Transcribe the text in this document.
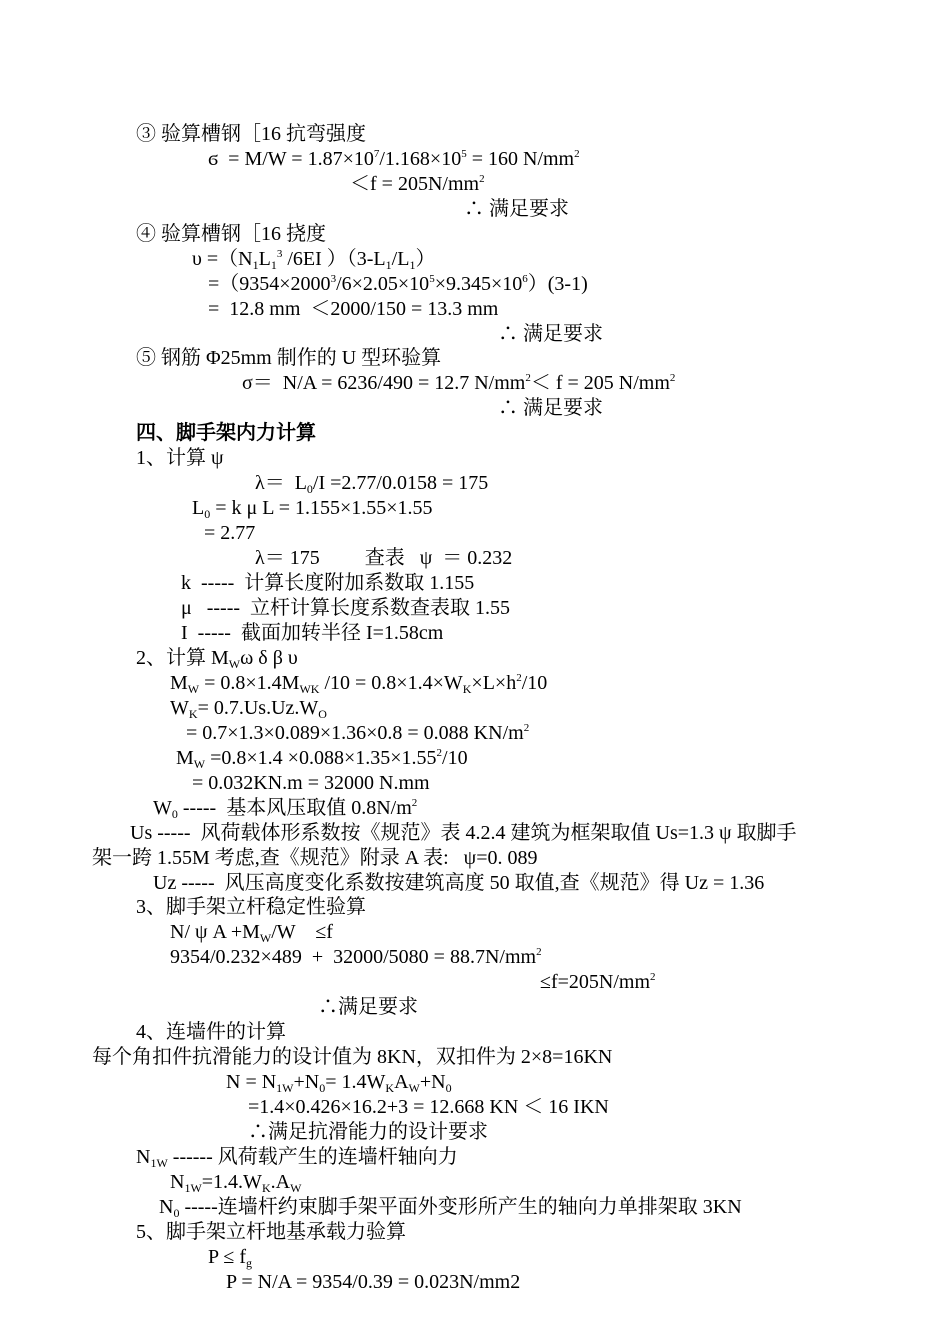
③ 验算槽钢［16 抗弯强度
$ϭ = M/W = 1.87\times 10^7/1.168\times 10^5 = 160$ $N/mm^2$
$<f = 205N/mm^2$
∴ 满足要求
④ 验算槽钢［16 挠度
$\upsilon =(N_1L_1^3$ /6EI ）$(3-L_1/L_1)$
$=(9354\times 2000^3/6\times 2.05\times 10^5\times 9.345\times 10^6)(3-1)$
=  12.8 mm  ＜2000/150 = 13.3 mm
∴ 满足要求
⑤ 钢筋 Φ25mm 制作的 U 型环验算
σ＝  N/A = 6236/490 = 12.7 $N/mm^2< f = 205$ $N/mm^2$
∴ 满足要求
四、脚手架内力计算
1、计算 ψ
$\lambda= L_0/I =2.77/0.0158 = 175$
$L_0 = k$ μ L = 1.155×1.55×1.55
= 2.77
λ＝ 175         查表   ψ  ＝ 0.232
k  -----  计算长度附加系数取 1.155
μ   -----  立杆计算长度系数查表取 1.55
I  -----  截面加转半径 I=1.58cm
2、计算 $M_W\omega$ δ β υ
$M_W = 0.8\times 1.4M_{WK}$ $/10 = 0.8\times 1.4\times W_K\times L\times h^2/10$
$W_K= 0.7.Us.Uz.W_O$
= 0.7×1.3×0.089×1.36×0.8 = 0.088 $KN/m^2$
$M_W =0.8\times 1.4 \times 0.088\times 1.35\times 1.55^2/10$
= 0.032KN.m = 32000 N.mm
$W_0$ -----  基本风压取值 $0.8N/m^2$
Us -----  风荷载体形系数按《规范》表 4.2.4 建筑为框架取值 Us=1.3 ψ 取脚手
架一跨 1.55M 考虑,查《规范》附录 A 表:   ψ=0. 089
Uz -----  风压高度变化系数按建筑高度 50 取值,查《规范》得 Uz = 1.36
3、脚手架立杆稳定性验算
N/ ψ $A +M_W/W$    ≤f
$9354/0.232\times 489 + 32000/5080 = 88.7N/mm^2$
$\le f=205N/mm^2$
∴满足要求
4、连墙件的计算
每个角扣件抗滑能力的设计值为 8KN，双扣件为 2×8=16KN
$N = N_{1W}+N_0= 1.4W_KA_W+N_0$
=1.4×0.426×16.2+3 = 12.668 KN ＜ 16 IKN
∴满足抗滑能力的设计要求
$N_{1W}$ ------ 风荷载产生的连墙杆轴向力
$N_{1W}=1.4.W_K.A_W$
$N_0$ -----连墙杆约束脚手架平面外变形所产生的轴向力单排架取 3KN
5、脚手架立杆地基承载力验算
$P \le f_g$
P = N/A = 9354/0.39 = 0.023N/mm2
